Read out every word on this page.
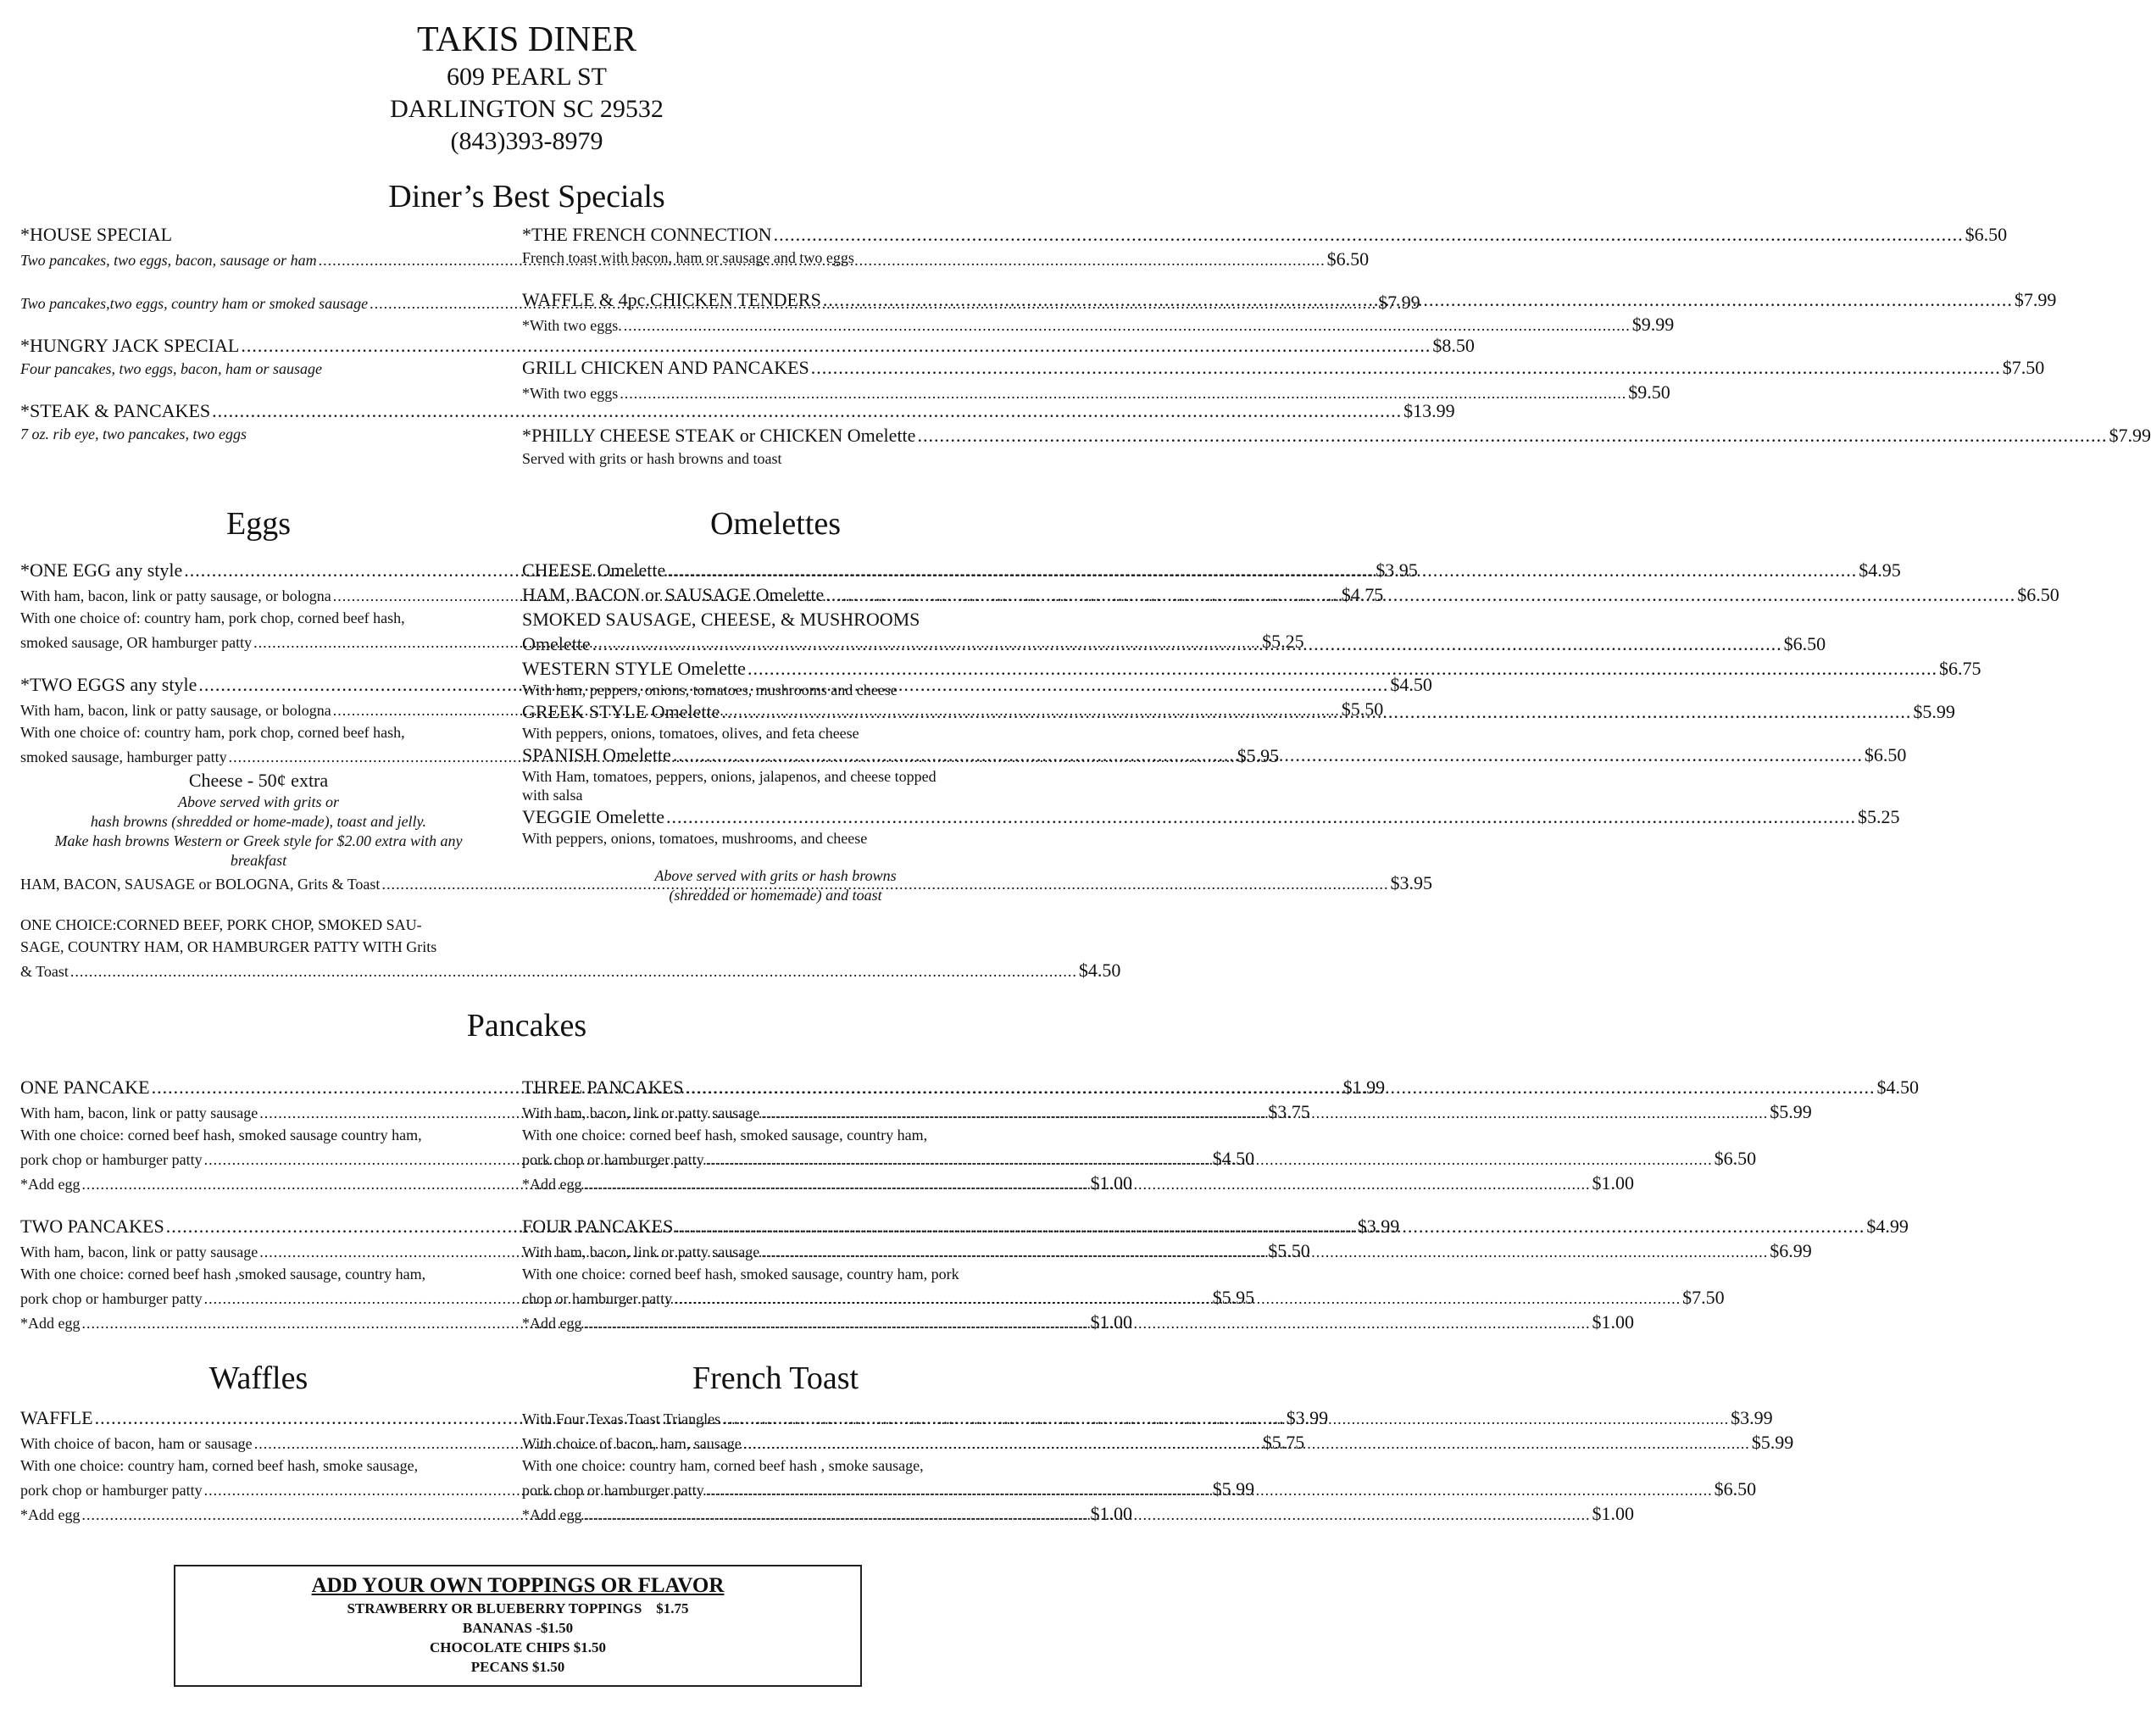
TAKIS DINER
609 PEARL ST
DARLINGTON SC 29532
(843)393-8979
Diner’s Best Specials
*HOUSE SPECIAL
Two pancakes, two eggs, bacon, sausage or ham .....	$6.50
Two pancakes,two eggs, country ham or smoked sausage .....	$7.99
*HUNGRY JACK SPECIAL .....	$8.50
Four pancakes, two eggs, bacon, ham or sausage
*STEAK & PANCAKES .....	$13.99
7 oz. rib eye, two pancakes, two eggs
*THE FRENCH CONNECTION .....	$6.50
French toast with bacon, ham or sausage and two eggs
WAFFLE & 4pc.CHICKEN TENDERS .....	$7.99
*With two eggs. .....	$9.99
GRILL CHICKEN AND PANCAKES .....	$7.50
*With two eggs .....	$9.50
*PHILLY CHEESE STEAK or CHICKEN Omelette .....	$7.99
Served with grits or hash browns and toast
Eggs
*ONE EGG any style .....	$3.95
With ham, bacon, link or patty sausage, or bologna .....	$4.75
With one choice of: country ham, pork chop, corned beef hash,
smoked sausage, OR hamburger patty .....	$5.25
*TWO EGGS any style .....	$4.50
With ham, bacon, link or patty sausage, or bologna .....	$5.50
With one choice of: country ham, pork chop, corned beef hash,
smoked sausage, hamburger patty .....	$5.95
Cheese - 50¢ extra
Above served with grits or
hash browns (shredded or home-made), toast and jelly.
Make hash browns Western or Greek style for $2.00 extra with any
breakfast
HAM, BACON, SAUSAGE or BOLOGNA, Grits & Toast .....	$3.95
ONE CHOICE:CORNED BEEF, PORK CHOP, SMOKED SAU-
SAGE, COUNTRY HAM, OR HAMBURGER PATTY WITH Grits
& Toast .....	$4.50
Omelettes
CHEESE Omelette .....	$4.95
HAM, BACON or SAUSAGE Omelette .....	$6.50
SMOKED SAUSAGE, CHEESE, & MUSHROOMS
Omelette .....	$6.50
WESTERN STYLE Omelette .....	$6.75
With ham, peppers, onions, tomatoes, mushrooms and cheese
GREEK STYLE Omelette .....	$5.99
With peppers, onions, tomatoes, olives, and feta cheese
SPANISH Omelette .....	$6.50
With Ham, tomatoes, peppers, onions, jalapenos, and cheese topped with salsa
VEGGIE Omelette .....	$5.25
With peppers, onions, tomatoes, mushrooms, and cheese
Above served with grits or hash browns
(shredded or homemade) and toast
Pancakes
ONE PANCAKE .....	$1.99
With ham, bacon, link or patty sausage .....	$3.75
With one choice: corned beef hash, smoked sausage country ham,
pork chop or hamburger patty .....	$4.50
*Add egg .....	$1.00
TWO PANCAKES .....	$3.99
With ham, bacon, link or patty sausage .....	$5.50
With one choice: corned beef hash ,smoked sausage, country ham,
pork chop or hamburger patty .....	$5.95
*Add egg .....	$1.00
THREE PANCAKES .....	$4.50
With ham, bacon, link or patty sausage .....	$5.99
With one choice: corned beef hash, smoked sausage, country ham,
pork chop or hamburger patty .....	$6.50
*Add egg .....	$1.00
FOUR PANCAKES .....	$4.99
With ham, bacon, link or patty sausage .....	$6.99
With one choice: corned beef hash, smoked sausage, country ham, pork
chop or hamburger patty .....	$7.50
*Add egg .....	$1.00
Waffles
WAFFLE .....	$3.99
With choice of bacon, ham or sausage .....	$5.75
With one choice: country ham, corned beef hash, smoke sausage,
pork chop or hamburger patty .....	$5.99
*Add egg .....	$1.00
French Toast
With Four Texas Toast Triangles .....	$3.99
With choice of bacon, ham, sausage .....	$5.99
With one choice: country ham, corned beef hash , smoke sausage,
pork chop or hamburger patty .....	$6.50
*Add egg .....	$1.00
ADD YOUR OWN TOPPINGS OR FLAVOR
STRAWBERRY OR BLUEBERRY TOPPINGS    $1.75
BANANAS -$1.50
CHOCOLATE CHIPS $1.50
PECANS $1.50
